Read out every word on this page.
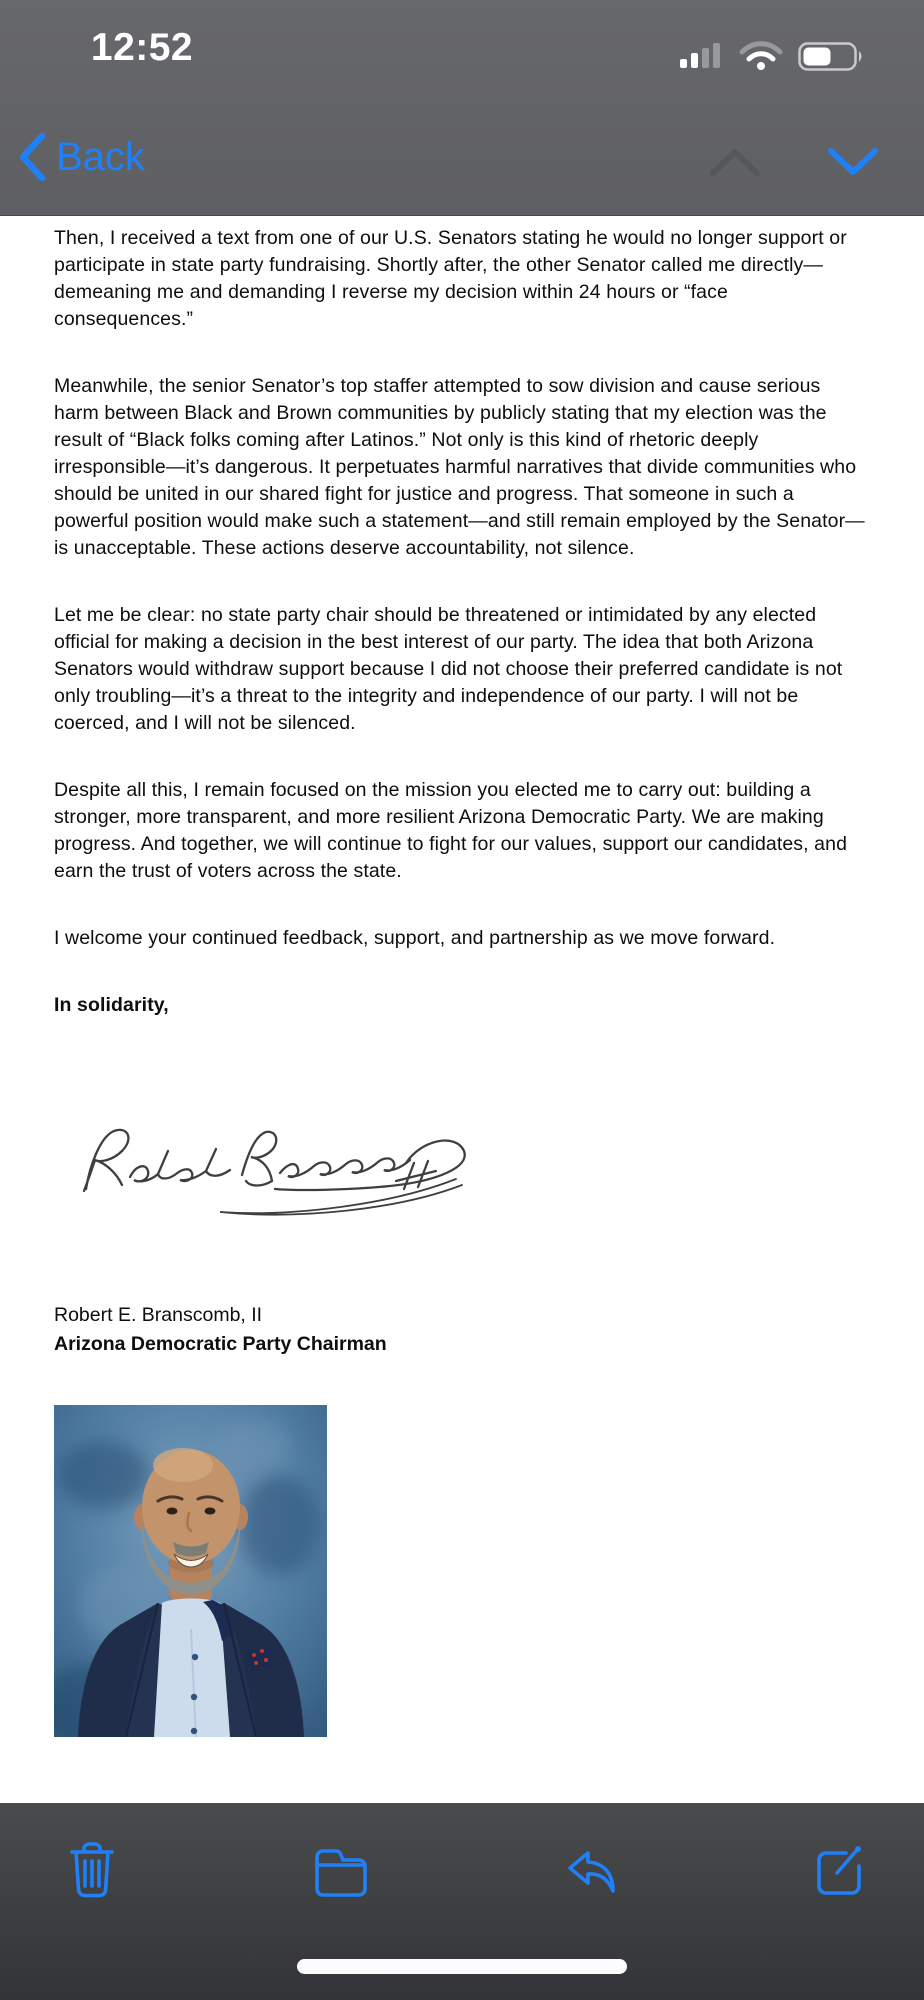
12:52
Back

Then, I received a text from one of our U.S. Senators stating he would no longer support or participate in state party fundraising. Shortly after, the other Senator called me directly—demeaning me and demanding I reverse my decision within 24 hours or “face consequences.”

Meanwhile, the senior Senator’s top staffer attempted to sow division and cause serious harm between Black and Brown communities by publicly stating that my election was the result of “Black folks coming after Latinos.” Not only is this kind of rhetoric deeply irresponsible—it’s dangerous. It perpetuates harmful narratives that divide communities who should be united in our shared fight for justice and progress. That someone in such a powerful position would make such a statement—and still remain employed by the Senator—is unacceptable. These actions deserve accountability, not silence.

Let me be clear: no state party chair should be threatened or intimidated by any elected official for making a decision in the best interest of our party. The idea that both Arizona Senators would withdraw support because I did not choose their preferred candidate is not only troubling—it’s a threat to the integrity and independence of our party. I will not be coerced, and I will not be silenced.

Despite all this, I remain focused on the mission you elected me to carry out: building a stronger, more transparent, and more resilient Arizona Democratic Party. We are making progress. And together, we will continue to fight for our values, support our candidates, and earn the trust of voters across the state.

I welcome your continued feedback, support, and partnership as we move forward.

In solidarity,

Robert E. Branscomb, II
Arizona Democratic Party Chairman
